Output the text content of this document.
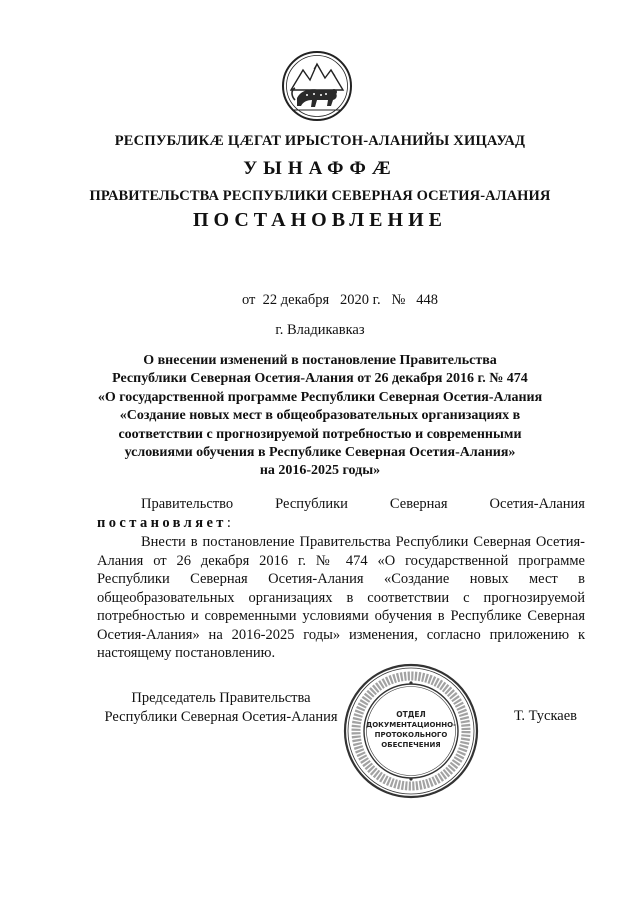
РЕСПУБЛИКÆ ЦÆГАТ ИРЫСТОН-АЛАНИЙЫ ХИЦАУАД
УЫНАФФÆ
ПРАВИТЕЛЬСТВА РЕСПУБЛИКИ СЕВЕРНАЯ ОСЕТИЯ-АЛАНИЯ
ПОСТАНОВЛЕНИЕ
от 22 декабря 2020 г. № 448
г. Владикавказ
О внесении изменений в постановление Правительства
Республики Северная Осетия-Алания от 26 декабря 2016 г. № 474
«О государственной программе Республики Северная Осетия-Алания
«Создание новых мест в общеобразовательных организациях в
соответствии с прогнозируемой потребностью и современными
условиями обучения в Республике Северная Осетия-Алания»
на 2016-2025 годы»
Правительство	Республики	Северная	Осетия-Алания
постановляет:
Внести в постановление Правительства Республики Северная Осетия-Алания от 26 декабря 2016 г. № 474 «О государственной программе Республики Северная Осетия-Алания «Создание новых мест в общеобразовательных организациях в соответствии с прогнозируемой потребностью и современными условиями обучения в Республике Северная Осетия-Алания» на 2016-2025 годы» изменения, согласно приложению к настоящему постановлению.
Председатель Правительства
Республики Северная Осетия-Алания	ОТДЕЛ
ДОКУМЕНТАЦИОННО-
ПРОТОКОЛЬНОГО
ОБЕСПЕЧЕНИЯ
Т. Тускаев
